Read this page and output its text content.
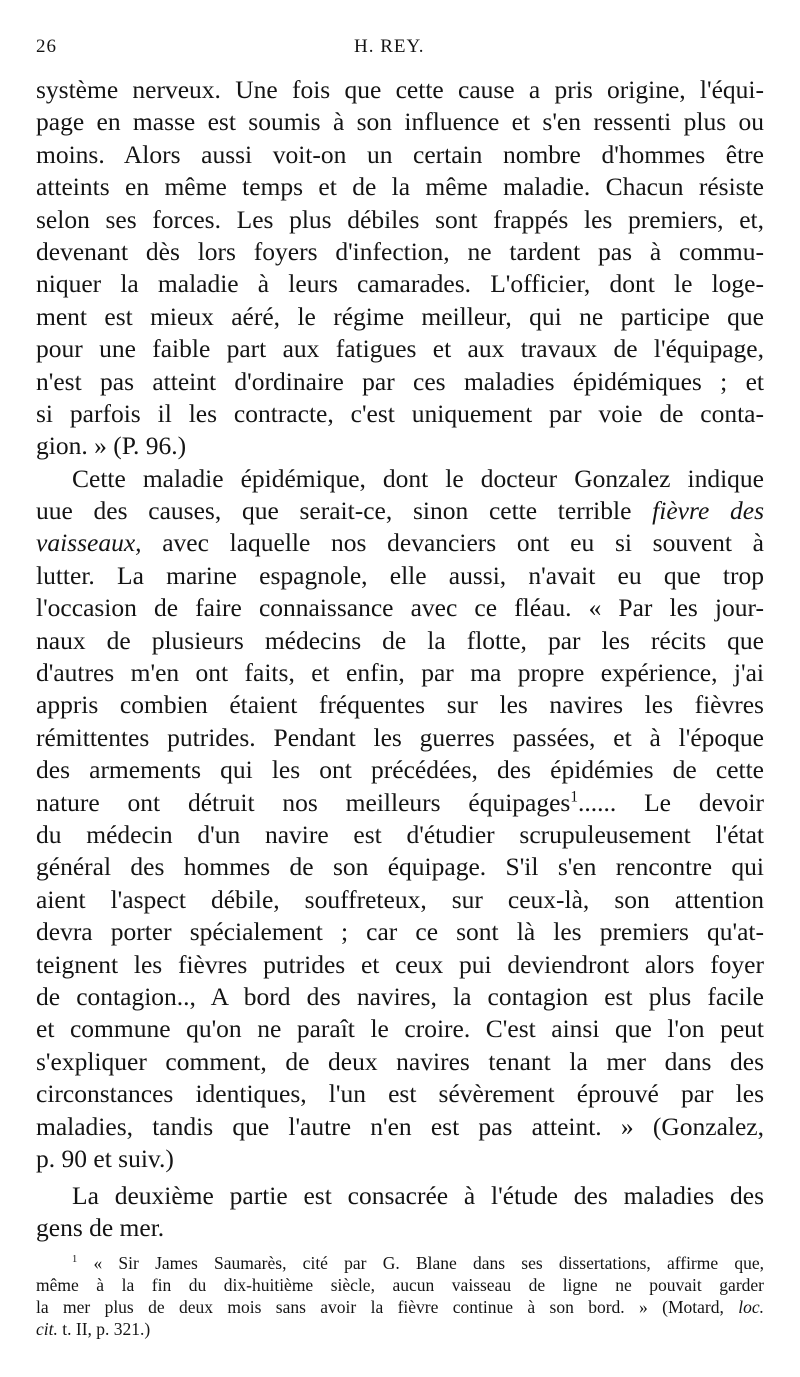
26	H. REY.
système nerveux. Une fois que cette cause a pris origine, l'équi-
page en masse est soumis à son influence et s'en ressenti plus ou
moins. Alors aussi voit-on un certain nombre d'hommes être
atteints en même temps et de la même maladie. Chacun résiste
selon ses forces. Les plus débiles sont frappés les premiers, et,
devenant dès lors foyers d'infection, ne tardent pas à commu-
niquer la maladie à leurs camarades. L'officier, dont le loge-
ment est mieux aéré, le régime meilleur, qui ne participe que
pour une faible part aux fatigues et aux travaux de l'équipage,
n'est pas atteint d'ordinaire par ces maladies épidémiques ; et
si parfois il les contracte, c'est uniquement par voie de conta-
gion. » (P. 96.)
Cette maladie épidémique, dont le docteur Gonzalez indique
uue des causes, que serait-ce, sinon cette terrible fièvre des
vaisseaux, avec laquelle nos devanciers ont eu si souvent à
lutter. La marine espagnole, elle aussi, n'avait eu que trop
l'occasion de faire connaissance avec ce fléau. « Par les jour-
naux de plusieurs médecins de la flotte, par les récits que
d'autres m'en ont faits, et enfin, par ma propre expérience, j'ai
appris combien étaient fréquentes sur les navires les fièvres
rémittentes putrides. Pendant les guerres passées, et à l'époque
des armements qui les ont précédées, des épidémies de cette
nature ont détruit nos meilleurs équipages$^1$...... Le devoir
du médecin d'un navire est d'étudier scrupuleusement l'état
général des hommes de son équipage. S'il s'en rencontre qui
aient l'aspect débile, souffreteux, sur ceux-là, son attention
devra porter spécialement ; car ce sont là les premiers qu'at-
teignent les fièvres putrides et ceux pui deviendront alors foyer
de contagion.., A bord des navires, la contagion est plus facile
et commune qu'on ne paraît le croire. C'est ainsi que l'on peut
s'expliquer comment, de deux navires tenant la mer dans des
circonstances identiques, l'un est sévèrement éprouvé par les
maladies, tandis que l'autre n'en est pas atteint. » (Gonzalez,
p. 90 et suiv.)
La deuxième partie est consacrée à l'étude des maladies des
gens de mer.
$^1$ « Sir James Saumarès, cité par G. Blane dans ses dissertations, affirme que,
même à la fin du dix-huitième siècle, aucun vaisseau de ligne ne pouvait garder
la mer plus de deux mois sans avoir la fièvre continue à son bord. » (Motard, loc.
cit. t. II, p. 321.)
